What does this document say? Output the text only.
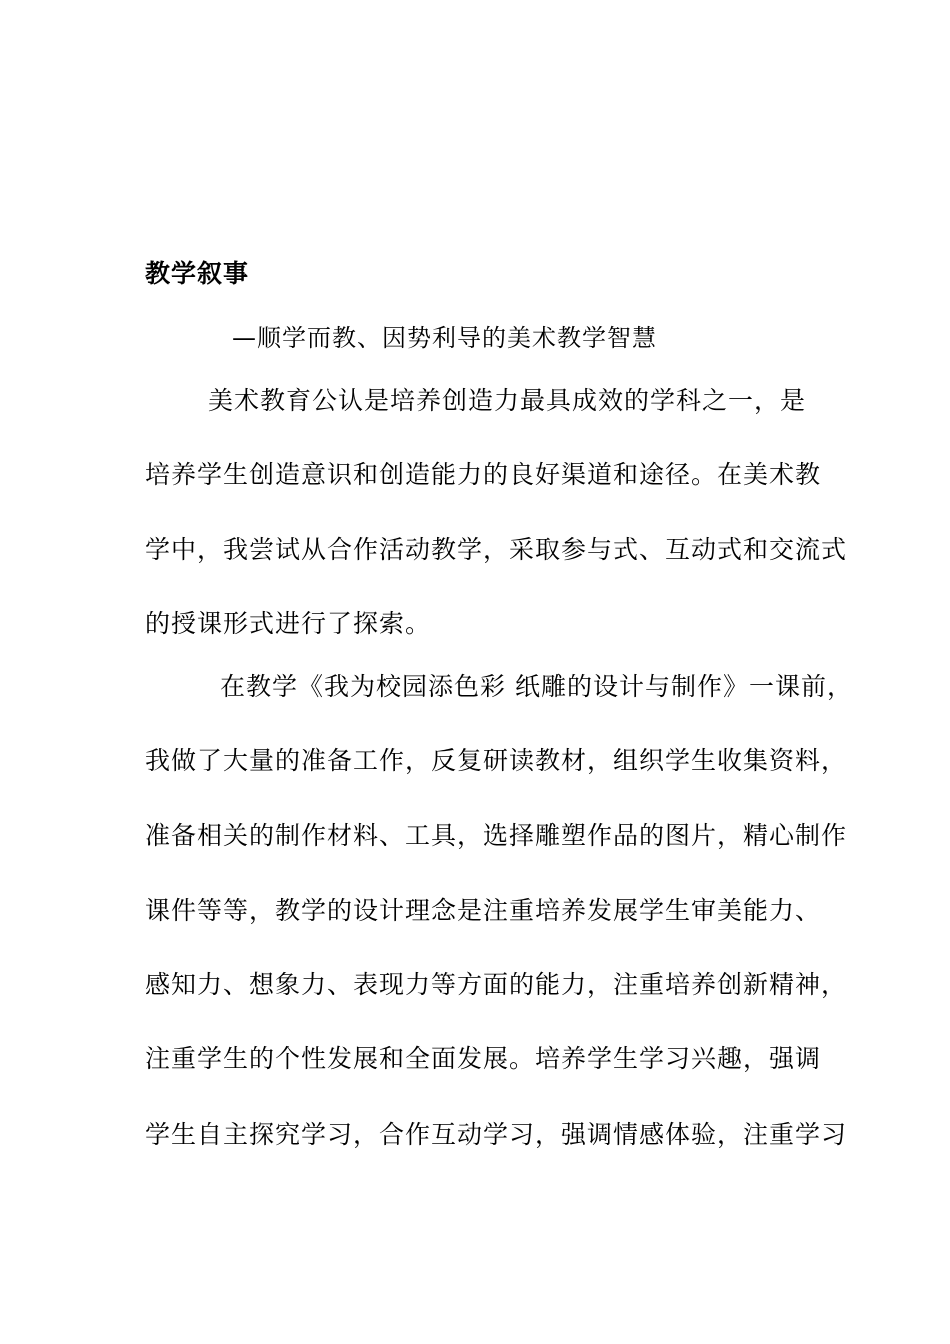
教学叙事
—顺学而教、因势利导的美术教学智慧
美术教育公认是培养创造力最具成效的学科之一，是
培养学生创造意识和创造能力的良好渠道和途径。在美术教
学中，我尝试从合作活动教学，采取参与式、互动式和交流式
的授课形式进行了探索。
在教学《我为校园添色彩 纸雕的设计与制作》一课前，
我做了大量的准备工作，反复研读教材，组织学生收集资料，
准备相关的制作材料、工具，选择雕塑作品的图片，精心制作
课件等等，教学的设计理念是注重培养发展学生审美能力、
感知力、想象力、表现力等方面的能力，注重培养创新精神，
注重学生的个性发展和全面发展。培养学生学习兴趣，强调
学生自主探究学习，合作互动学习，强调情感体验，注重学习
